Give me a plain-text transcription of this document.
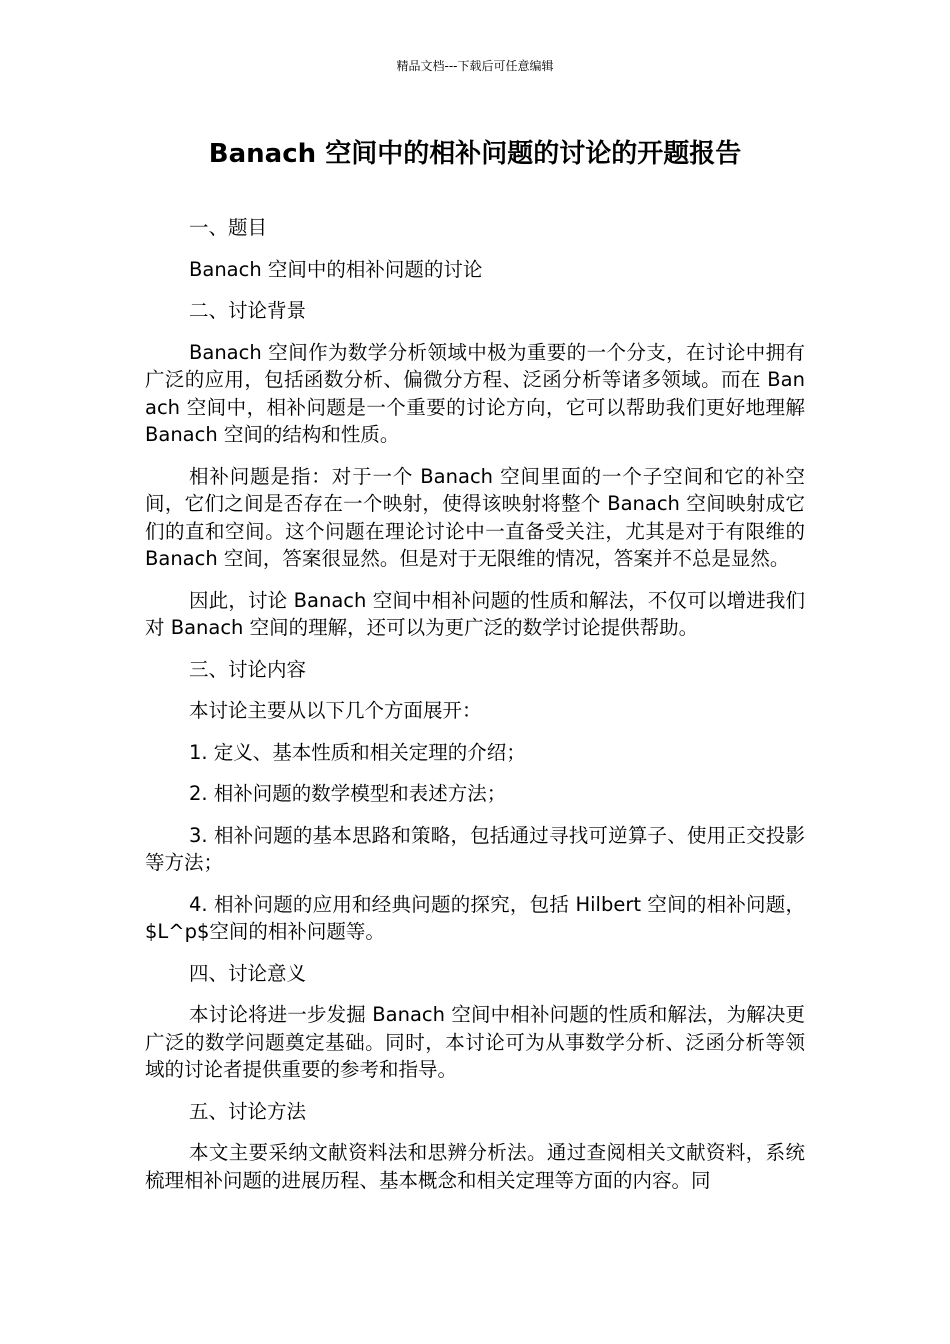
精品文档---下载后可任意编辑
Banach 空间中的相补问题的讨论的开题报告

一、题目

Banach 空间中的相补问题的讨论

二、讨论背景

Banach 空间作为数学分析领域中极为重要的一个分支，在讨论中拥有广泛的应用，包括函数分析、偏微分方程、泛函分析等诸多领域。而在 Banach 空间中，相补问题是一个重要的讨论方向，它可以帮助我们更好地理解 Banach 空间的结构和性质。

相补问题是指：对于一个 Banach 空间里面的一个子空间和它的补空间，它们之间是否存在一个映射，使得该映射将整个 Banach 空间映射成它们的直和空间。这个问题在理论讨论中一直备受关注，尤其是对于有限维的 Banach 空间，答案很显然。但是对于无限维的情况，答案并不总是显然。

因此，讨论 Banach 空间中相补问题的性质和解法，不仅可以增进我们对 Banach 空间的理解，还可以为更广泛的数学讨论提供帮助。

三、讨论内容

本讨论主要从以下几个方面展开：

1. 定义、基本性质和相关定理的介绍；

2. 相补问题的数学模型和表述方法；

3. 相补问题的基本思路和策略，包括通过寻找可逆算子、使用正交投影等方法；

4. 相补问题的应用和经典问题的探究，包括 Hilbert 空间的相补问题，$L^p$空间的相补问题等。

四、讨论意义

本讨论将进一步发掘 Banach 空间中相补问题的性质和解法，为解决更广泛的数学问题奠定基础。同时，本讨论可为从事数学分析、泛函分析等领域的讨论者提供重要的参考和指导。

五、讨论方法

本文主要采纳文献资料法和思辨分析法。通过查阅相关文献资料，系统梳理相补问题的进展历程、基本概念和相关定理等方面的内容。同
